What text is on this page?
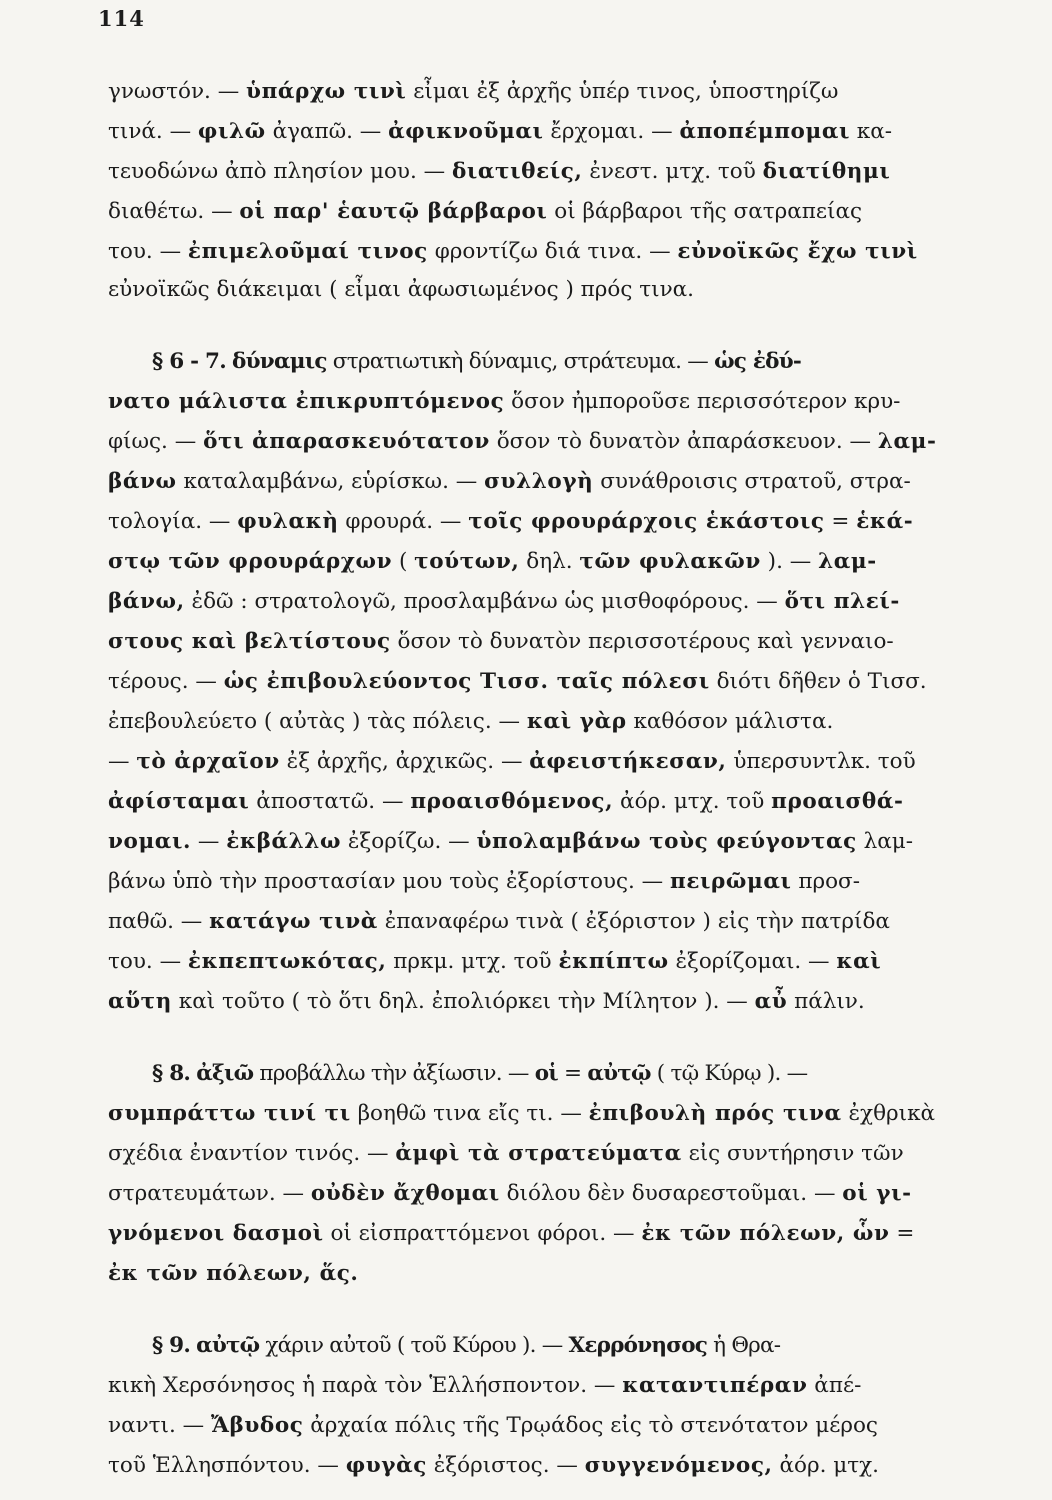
114
γνωστόν. — ὑπάρχω τινὶ εἶμαι ἐξ ἀρχῆς ὑπέρ τινος, ὑποστηρίζω
τινά. — φιλῶ ἀγαπῶ. — ἀφικνοῦμαι ἔρχομαι. — ἀποπέμπομαι κα-
τευοδώνω ἀπὸ πλησίον μου. — διατιθείς, ἐνεστ. μτχ. τοῦ διατίθημι
διαθέτω. — οἱ παρ' ἑαυτῷ βάρβαροι οἱ βάρβαροι τῆς σατραπείας
του. — ἐπιμελοῦμαί τινος φροντίζω διά τινα. — εὐνοϊκῶς ἔχω τινὶ
εὐνοϊκῶς διάκειμαι ( εἶμαι ἀφωσιωμένος ) πρός τινα.
§ 6 - 7. δύναμις στρατιωτικὴ δύναμις, στράτευμα. — ὡς ἐδύ-
νατο μάλιστα ἐπικρυπτόμενος ὅσον ἠμποροῦσε περισσότερον κρυ-
φίως. — ὅτι ἀπαρασκευότατον ὅσον τὸ δυνατὸν ἀπαράσκευον. — λαμ-
βάνω καταλαμβάνω, εὑρίσκω. — συλλογὴ συνάθροισις στρατοῦ, στρα-
τολογία. — φυλακὴ φρουρά. — τοῖς φρουράρχοις ἑκάστοις = ἑκά-
στῳ τῶν φρουράρχων ( τούτων, δηλ. τῶν φυλακῶν ). — λαμ-
βάνω, ἐδῶ : στρατολογῶ, προσλαμβάνω ὡς μισθοφόρους. — ὅτι πλεί-
στους καὶ βελτίστους ὅσον τὸ δυνατὸν περισσοτέρους καὶ γενναιο-
τέρους. — ὡς ἐπιβουλεύοντος Τισσ. ταῖς πόλεσι διότι δῆθεν ὁ Τισσ.
ἐπεβουλεύετο ( αὐτὰς ) τὰς πόλεις. — καὶ γὰρ καθόσον μάλιστα.
— τὸ ἀρχαῖον ἐξ ἀρχῆς, ἀρχικῶς. — ἀφειστήκεσαν, ὑπερσυντλκ. τοῦ
ἀφίσταμαι ἀποστατῶ. — προαισθόμενος, ἀόρ. μτχ. τοῦ προαισθά-
νομαι. — ἐκβάλλω ἐξορίζω. — ὑπολαμβάνω τοὺς φεύγοντας λαμ-
βάνω ὑπὸ τὴν προστασίαν μου τοὺς ἐξορίστους. — πειρῶμαι προσ-
παθῶ. — κατάγω τινὰ ἐπαναφέρω τινὰ ( ἐξόριστον ) εἰς τὴν πατρίδα
του. — ἐκπεπτωκότας, πρκμ. μτχ. τοῦ ἐκπίπτω ἐξορίζομαι. — καὶ
αὕτη καὶ τοῦτο ( τὸ ὅτι δηλ. ἐπολιόρκει τὴν Μίλητον ). — αὖ πάλιν.
§ 8. ἀξιῶ προβάλλω τὴν ἀξίωσιν. — οἱ = αὐτῷ ( τῷ Κύρῳ ). —
συμπράττω τινί τι βοηθῶ τινα εἴς τι. — ἐπιβουλὴ πρός τινα ἐχθρικὰ
σχέδια ἐναντίον τινός. — ἀμφὶ τὰ στρατεύματα εἰς συντήρησιν τῶν
στρατευμάτων. — οὐδὲν ἄχθομαι διόλου δὲν δυσαρεστοῦμαι. — οἱ γι-
γνόμενοι δασμοὶ οἱ εἰσπραττόμενοι φόροι. — ἐκ τῶν πόλεων, ὧν =
ἐκ τῶν πόλεων, ἅς.
§ 9. αὐτῷ χάριν αὐτοῦ ( τοῦ Κύρου ). — Χερρόνησος ἡ Θρα-
κικὴ Χερσόνησος ἡ παρὰ τὸν Ἑλλήσποντον. — καταντιπέραν ἀπέ-
ναντι. — Ἄβυδος ἀρχαία πόλις τῆς Τρῳάδος εἰς τὸ στενότατον μέρος
τοῦ Ἑλλησπόντου. — φυγὰς ἐξόριστος. — συγγενόμενος, ἀόρ. μτχ.
